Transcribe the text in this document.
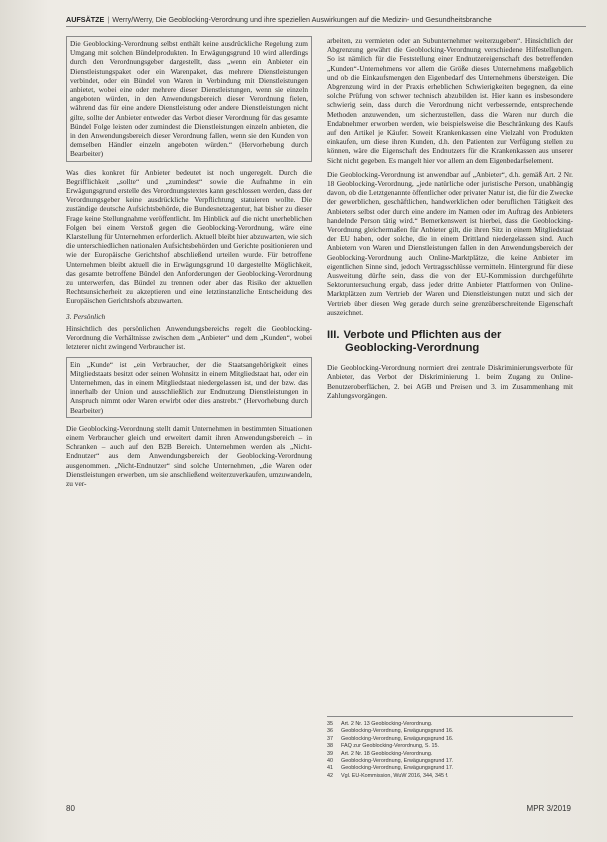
AUFSÄTZE | Werry/Werry, Die Geoblocking-Verordnung und ihre speziellen Auswirkungen auf die Medizin- und Gesundheitsbranche

Die Geoblocking-Verordnung selbst enthält keine ausdrückliche Regelung zum Umgang mit solchen Bündelprodukten. In Erwägungsgrund 10 wird allerdings durch den Verordnungsgeber dargestellt, dass „wenn ein Anbieter ein Dienstleistungspaket oder ein Warenpaket, das mehrere Dienstleistungen verbindet, oder ein Bündel von Waren in Verbindung mit Dienstleistungen anbietet, wobei eine oder mehrere dieser Dienstleistungen, wenn sie einzeln angeboten würden, in den Anwendungsbereich dieser Verordnung fielen, während das für eine andere Dienstleistung oder andere Dienstleistungen nicht gilte, sollte der Anbieter entweder das Verbot dieser Verordnung für das gesamte Bündel Folge leisten oder zumindest die Dienstleistungen einzeln anbieten, die in den Anwendungsbereich dieser Verordnung fallen, wenn sie den Kunden von demselben Händler einzeln angeboten würden.“ (Hervorhebung durch Bearbeiter)

Was dies konkret für Anbieter bedeutet ist noch ungeregelt. Durch die Begrifflichkeit „sollte“ und „zumindest“ sowie die Aufnahme in ein Erwägungsgrund erstelle des Verordnungstextes kann geschlossen werden, dass der Verordnungsgeber keine ausdrückliche Verpflichtung statuieren wollte. Die zuständige deutsche Aufsichtsbehörde, die Bundesnetzagentur, hat bisher zu dieser Frage keine Stellungnahme veröffentlicht. Im Hinblick auf die nicht unerheblichen Folgen bei einem Verstoß gegen die Geoblocking-Verordnung, wäre eine Klarstellung für Unternehmen erforderlich. Aktuell bleibt hier abzuwarten, wie sich die unterschiedlichen nationalen Aufsichtsbehörden und Gerichte positionieren und wie der Europäische Gerichtshof abschließend urteilen wurde. Für betroffene Unternehmen bleibt aktuell die in Erwägungsgrund 10 dargestellte Möglichkeit, das gesamte betroffene Bündel den Anforderungen der Geoblocking-Verordnung zu unterwerfen, das Bündel zu trennen oder aber das Risiko der aktuellen Rechtsunsicherheit zu akzeptieren und eine letztinstanzliche Entscheidung des Europäischen Gerichtshofs abzuwarten.

3. Persönlich

Hinsichtlich des persönlichen Anwendungsbereichs regelt die Geoblocking-Verordnung die Verhältnisse zwischen dem „Anbieter“ und dem „Kunden“, wobei letzterer nicht zwingend Verbraucher ist.

Ein „Kunde“ ist „ein Verbraucher, der die Staatsangehörigkeit eines Mitgliedstaats besitzt oder seinen Wohnsitz in einem Mitgliedstaat hat, oder ein Unternehmen, das in einem Mitgliedstaat niedergelassen ist, und der bzw. das innerhalb der Union und ausschließlich zur Endnutzung Dienstleistungen in Anspruch nimmt oder Waren erwirbt oder dies anstrebt.“ (Hervorhebung durch Bearbeiter)

Die Geoblocking-Verordnung stellt damit Unternehmen in bestimmten Situationen einem Verbraucher gleich und erweitert damit ihren Anwendungsbereich – in Schranken – auch auf den B2B Bereich. Unternehmen werden als „Nicht-Endnutzer“ aus dem Anwendungsbereich der Geoblocking-Verordnung ausgenommen. „Nicht-Endnutzer“ sind solche Unternehmen, „die Waren oder Dienstleistungen erwerben, um sie anschließend weiterzuverkaufen, umzuwandeln, zu ver-

arbeiten, zu vermieten oder an Subunternehmer weiterzugeben“. Hinsichtlich der Abgrenzung gewährt die Geoblocking-Verordnung verschiedene Hilfestellungen. So ist nämlich für die Feststellung einer Endnutzereigenschaft des betreffenden „Kunden“-Unternehmens vor allem die Größe dieses Unternehmens maßgeblich und ob die Einkaufsmengen den Eigenbedarf des Unternehmens übersteigen. Die Abgrenzung wird in der Praxis erheblichen Schwierigkeiten begegnen, da eine solche Prüfung von schwer technisch abzubilden ist. Hier kann es insbesondere schwierig sein, dass durch die Verordnung nicht verbessernde, entsprechende Methoden anzuwenden, um sicherzustellen, dass die Waren nur durch die Endabnehmer erworben werden, wie beispielsweise die Beschränkung des Kaufs auf den Artikel je Käufer. Soweit Krankenkassen eine Vielzahl von Produkten einkaufen, um diese ihren Kunden, d.h. den Patienten zur Verfügung stellen zu können, wäre die Eigenschaft des Endnutzers für die Krankenkassen aus unserer Sicht nicht gegeben. Es mangelt hier vor allem an dem Eigenbedarfselement.

Die Geoblocking-Verordnung ist anwendbar auf „Anbieter“, d.h. gemäß Art. 2 Nr. 18 Geoblocking-Verordnung, „jede natürliche oder juristische Person, unabhängig davon, ob die Letztgenannte öffentlicher oder privater Natur ist, die für die Zwecke der gewerblichen, geschäftlichen, handwerklichen oder beruflichen Tätigkeit des Anbieters selbst oder durch eine andere im Namen oder im Auftrag des Anbieters handelnde Person tätig wird.“ Bemerkenswert ist hierbei, dass die Geoblocking-Verordnung gleichermaßen für Anbieter gilt, die ihren Sitz in einem Mitgliedstaat der EU haben, oder solche, die in einem Drittland niedergelassen sind. Auch Anbietern von Waren und Dienstleistungen fallen in den Anwendungsbereich der Geoblocking-Verordnung auch Online-Marktplätze, die keine Anbieter im eigentlichen Sinne sind, jedoch Vertragsschlüsse vermitteln. Hintergrund für diese Ausweitung dürfte sein, dass die von der EU-Kommission durchgeführte Sektoruntersuchung ergab, dass jeder dritte Anbieter Plattformen von Online-Marktplätzen zum Vertrieb der Waren und Dienstleistungen nutzt und sich der Vertrieb über diesen Weg gerade durch seine grenzüberschreitende Eigenschaft auszeichnet.

III. Verbote und Pflichten aus der
Geoblocking-Verordnung

Die Geoblocking-Verordnung normiert drei zentrale Diskriminierungsverbote für Anbieter, das Verbot der Diskriminierung 1. beim Zugang zu Online-Benutzeroberflächen, 2. bei AGB und Preisen und 3. im Zusammenhang mit Zahlungsvorgängen.

35	Art. 2 Nr. 13 Geoblocking-Verordnung.
36	Geoblocking-Verordnung, Erwägungsgrund 16.
37	Geoblocking-Verordnung, Erwägungsgrund 16.
38	FAQ zur Geoblocking-Verordnung, S. 15.
39	Art. 2 Nr. 18 Geoblocking-Verordnung.
40	Geoblocking-Verordnung, Erwägungsgrund 17.
41	Geoblocking-Verordnung, Erwägungsgrund 17.
42	Vgl. EU-Kommission, WuW 2016, 344, 345 f.
80	MPR 3/2019
